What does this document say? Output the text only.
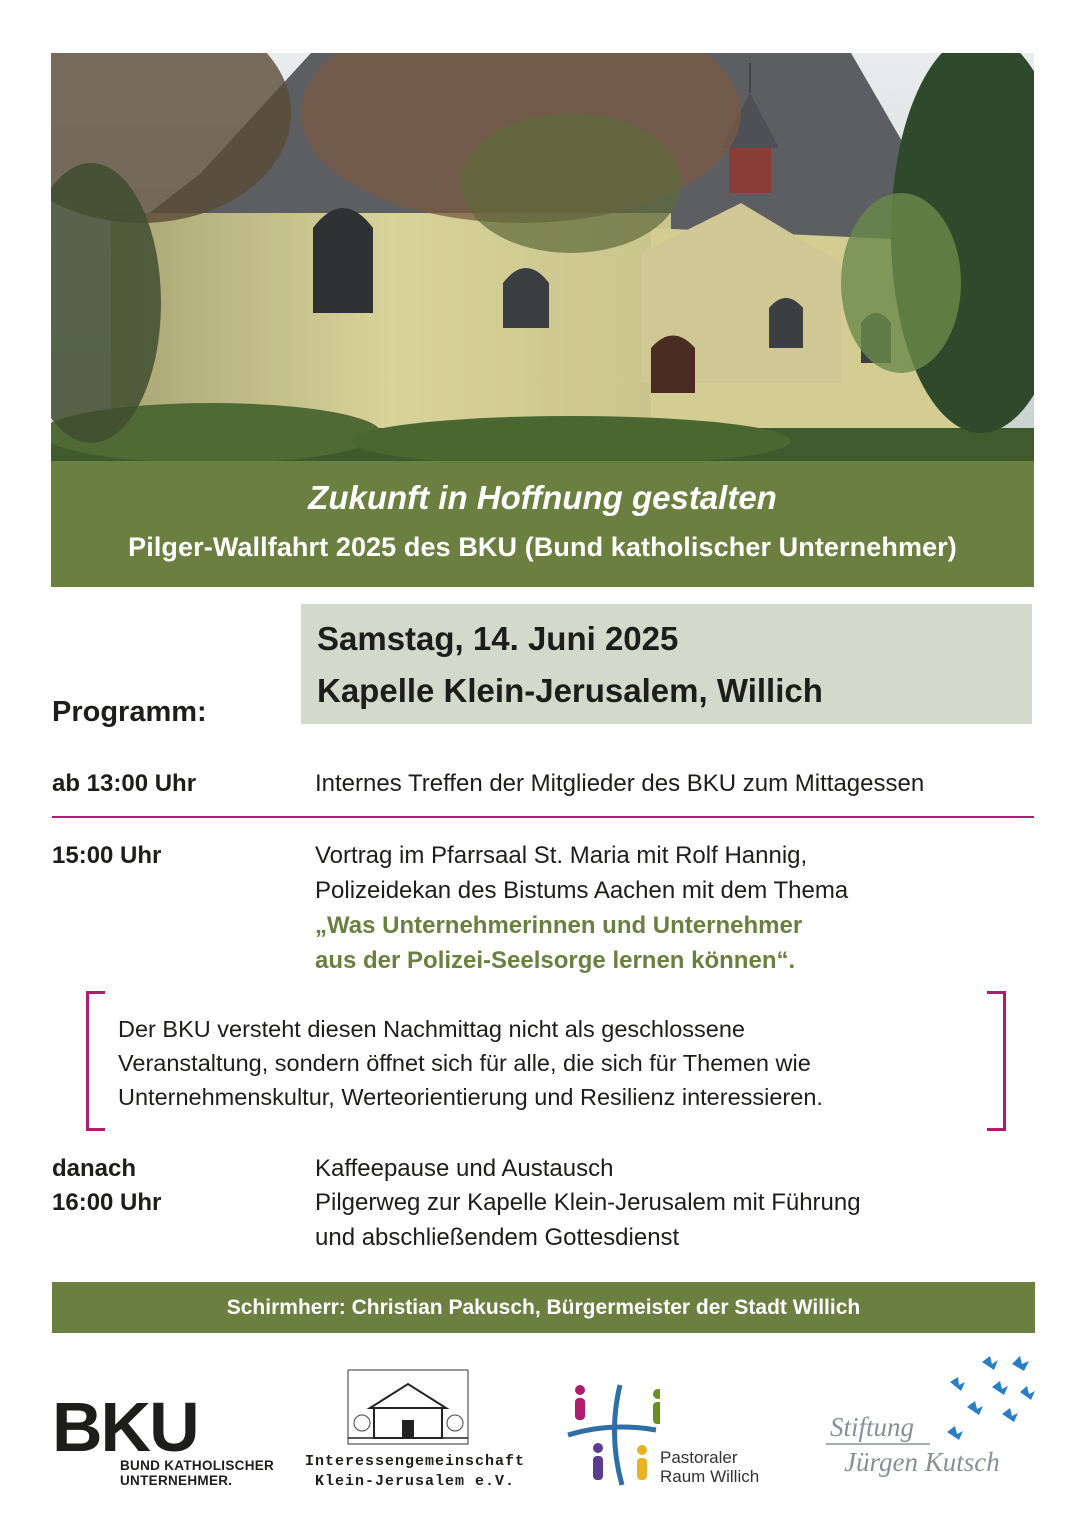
Zukunft in Hoffnung gestalten
Pilger-Wallfahrt 2025 des BKU (Bund katholischer Unternehmer)
Samstag, 14. Juni 2025
Kapelle Klein-Jerusalem, Willich
Programm:
ab 13:00 Uhr	Internes Treffen der Mitglieder des BKU zum Mittagessen
15:00 Uhr	Vortrag im Pfarrsaal St. Maria mit Rolf Hannig,
Polizeidekan des Bistums Aachen mit dem Thema
„Was Unternehmerinnen und Unternehmer
aus der Polizei-Seelsorge lernen können“.
Der BKU versteht diesen Nachmittag nicht als geschlossene
Veranstaltung, sondern öffnet sich für alle, die sich für Themen wie
Unternehmenskultur, Werteorientierung und Resilienz interessieren.
danach	Kaffeepause und Austausch
16:00 Uhr	Pilgerweg zur Kapelle Klein-Jerusalem mit Führung
und abschließendem Gottesdienst
Schirmherr: Christian Pakusch, Bürgermeister der Stadt Willich
BKU
BUND KATHOLISCHER
UNTERNEHMER.
Interessengemeinschaft
Klein-Jerusalem e.V.
Pastoraler
Raum Willich
Stiftung
Jürgen Kutsch
